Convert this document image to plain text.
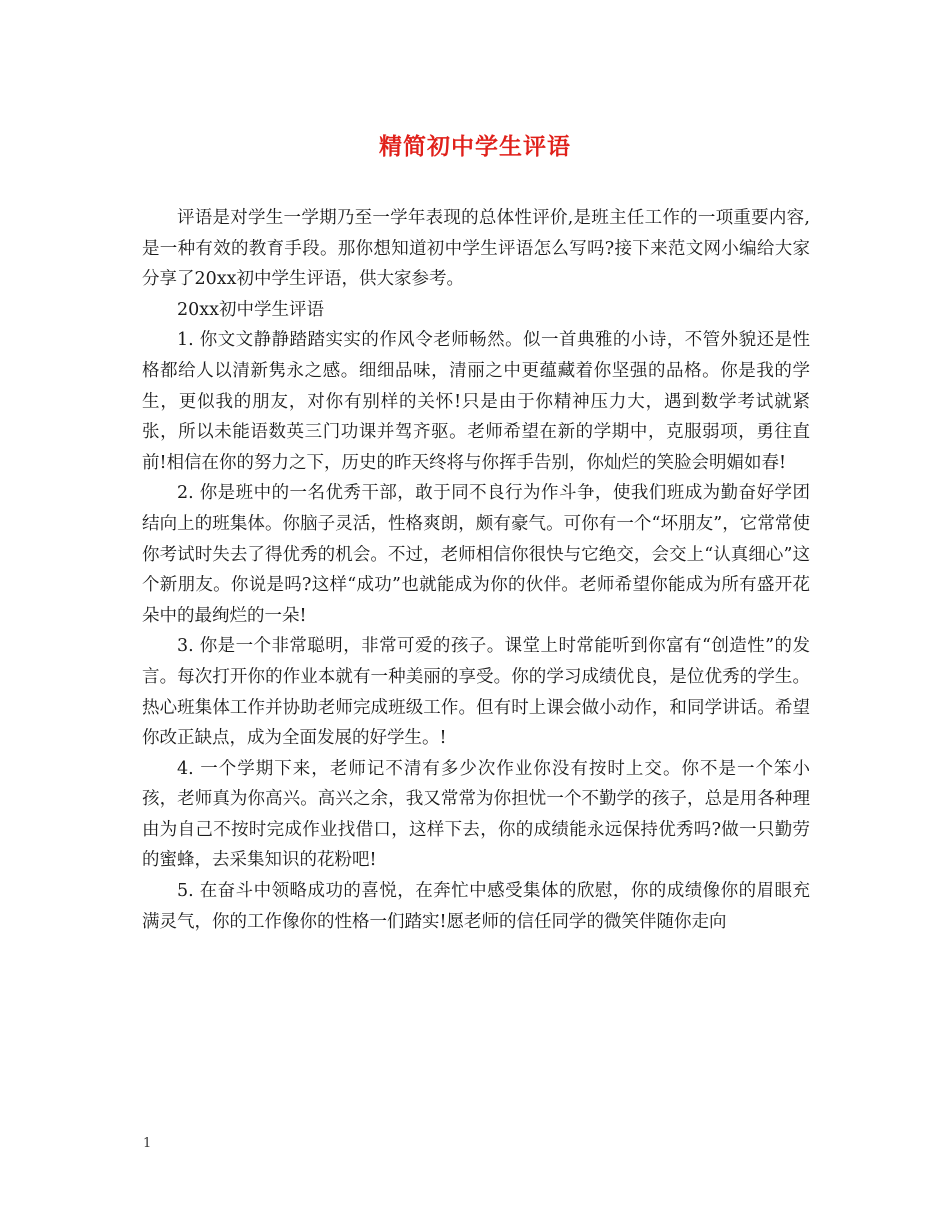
精简初中学生评语

评语是对学生一学期乃至一学年表现的总体性评价,是班主任工作的一项重要内容,是一种有效的教育手段。那你想知道初中学生评语怎么写吗?接下来范文网小编给大家分享了20xx初中学生评语，供大家参考。

20xx初中学生评语

1. 你文文静静踏踏实实的作风令老师畅然。似一首典雅的小诗，不管外貌还是性格都给人以清新隽永之感。细细品味，清丽之中更蕴藏着你坚强的品格。你是我的学生，更似我的朋友，对你有别样的关怀!只是由于你精神压力大，遇到数学考试就紧张，所以未能语数英三门功课并驾齐驱。老师希望在新的学期中，克服弱项，勇往直前!相信在你的努力之下，历史的昨天终将与你挥手告别，你灿烂的笑脸会明媚如春!

2. 你是班中的一名优秀干部，敢于同不良行为作斗争，使我们班成为勤奋好学团结向上的班集体。你脑子灵活，性格爽朗，颇有豪气。可你有一个“坏朋友”，它常常使你考试时失去了得优秀的机会。不过，老师相信你很快与它绝交，会交上“认真细心”这个新朋友。你说是吗?这样“成功”也就能成为你的伙伴。老师希望你能成为所有盛开花朵中的最绚烂的一朵!

3. 你是一个非常聪明，非常可爱的孩子。课堂上时常能听到你富有“创造性”的发言。每次打开你的作业本就有一种美丽的享受。你的学习成绩优良，是位优秀的学生。热心班集体工作并协助老师完成班级工作。但有时上课会做小动作，和同学讲话。希望你改正缺点，成为全面发展的好学生。!

4. 一个学期下来，老师记不清有多少次作业你没有按时上交。你不是一个笨小孩，老师真为你高兴。高兴之余，我又常常为你担忧一个不勤学的孩子，总是用各种理由为自己不按时完成作业找借口，这样下去，你的成绩能永远保持优秀吗?做一只勤劳的蜜蜂，去采集知识的花粉吧!

5. 在奋斗中领略成功的喜悦，在奔忙中感受集体的欣慰，你的成绩像你的眉眼充满灵气，你的工作像你的性格一们踏实!愿老师的信任同学的微笑伴随你走向

1
